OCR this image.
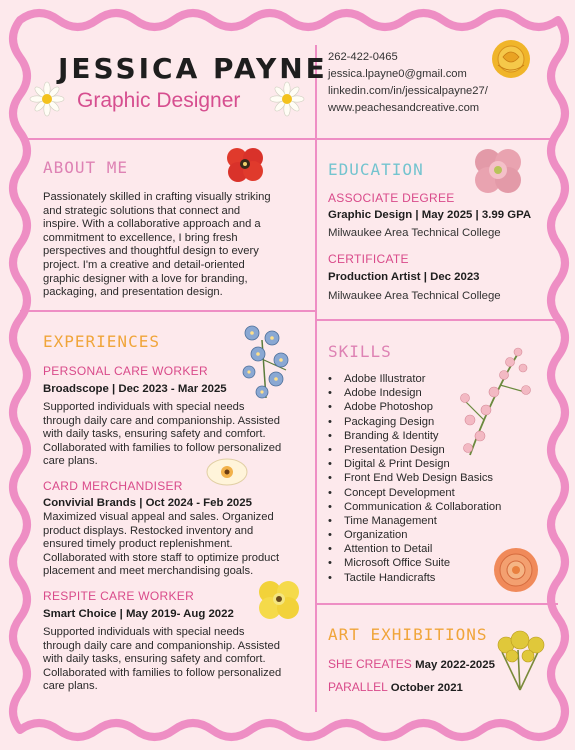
JESSICA PAYNE
Graphic Designer
262-422-0465
jessica.lpayne0@gmail.com
linkedin.com/in/jessicalpayne27/
www.peachesandcreative.com
ABOUT ME
Passionately skilled in crafting visually striking
and strategic solutions that connect and
inspire. With a collaborative approach and a
commitment to excellence, I bring fresh
perspectives and thoughtful design to every
project. I'm a creative and detail-oriented
graphic designer with a love for branding,
packaging, and presentation design.
EDUCATION
ASSOCIATE DEGREE
Graphic Design | May 2025 | 3.99 GPA
Milwaukee Area Technical College
CERTIFICATE
Production Artist | Dec 2023
Milwaukee Area Technical College
EXPERIENCES
PERSONAL CARE WORKER
Broadscope | Dec 2023 - Mar 2025
Supported individuals with special needs
through daily care and companionship. Assisted
with daily tasks, ensuring safety and comfort.
Collaborated with families to follow personalized
care plans.
CARD MERCHANDISER
Convivial Brands | Oct 2024 - Feb 2025
Maximized visual appeal and sales. Organized
product displays. Restocked inventory and
ensured timely product replenishment.
Collaborated with store staff to optimize product
placement and meet merchandising goals.
RESPITE CARE WORKER
Smart Choice | May 2019- Aug 2022
Supported individuals with special needs
through daily care and companionship. Assisted
with daily tasks, ensuring safety and comfort.
Collaborated with families to follow personalized
care plans.
SKILLS
• Adobe Illustrator
• Adobe Indesign
• Adobe Photoshop
• Packaging Design
• Branding & Identity
• Presentation Design
• Digital & Print Design
• Front End Web Design Basics
• Concept Development
• Communication & Collaboration
• Time Management
• Organization
• Attention to Detail
• Microsoft Office Suite
• Tactile Handicrafts
ART EXHIBITIONS
SHE CREATES May 2022-2025
PARALLEL October 2021
